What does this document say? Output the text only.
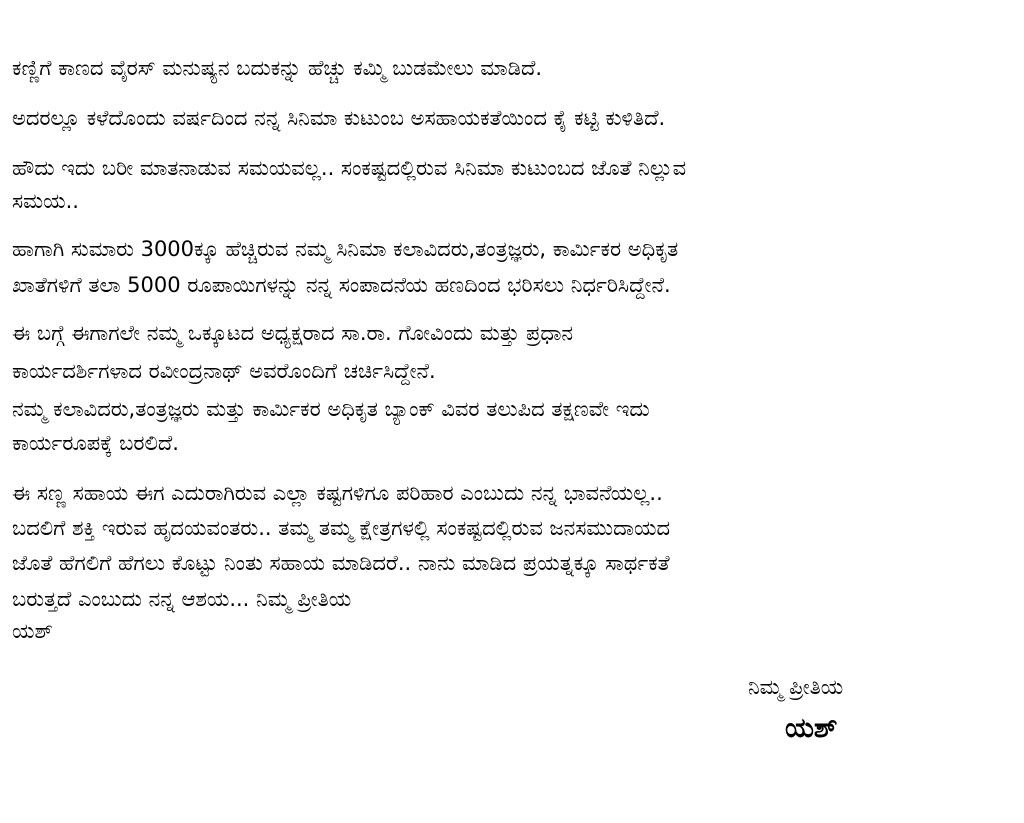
ಕಣ್ಣಿಗೆ ಕಾಣದ ವೈರಸ್ ಮನುಷ್ಯನ ಬದುಕನ್ನು ಹೆಚ್ಚು ಕಮ್ಮಿ ಬುಡಮೇಲು ಮಾಡಿದೆ.
ಅದರಲ್ಲೂ ಕಳೆದೊಂದು ವರ್ಷದಿಂದ ನನ್ನ ಸಿನಿಮಾ ಕುಟುಂಬ ಅಸಹಾಯಕತೆಯಿಂದ ಕೈ ಕಟ್ಟಿ ಕುಳಿತಿದೆ.
ಹೌದು ಇದು ಬರೀ ಮಾತನಾಡುವ ಸಮಯವಲ್ಲ.. ಸಂಕಷ್ಟದಲ್ಲಿರುವ ಸಿನಿಮಾ ಕುಟುಂಬದ ಜೊತೆ ನಿಲ್ಲುವ
ಸಮಯ..
ಹಾಗಾಗಿ ಸುಮಾರು 3000ಕ್ಕೂ ಹೆಚ್ಚಿರುವ ನಮ್ಮ ಸಿನಿಮಾ ಕಲಾವಿದರು,ತಂತ್ರಜ್ಞರು, ಕಾರ್ಮಿಕರ ಅಧಿಕೃತ
ಖಾತೆಗಳಿಗೆ ತಲಾ 5000 ರೂಪಾಯಿಗಳನ್ನು ನನ್ನ ಸಂಪಾದನೆಯ ಹಣದಿಂದ ಭರಿಸಲು ನಿರ್ಧರಿಸಿದ್ದೇನೆ.
ಈ ಬಗ್ಗೆ ಈಗಾಗಲೇ ನಮ್ಮ ಒಕ್ಕೂಟದ ಅಧ್ಯಕ್ಷರಾದ ಸಾ.ರಾ. ಗೋವಿಂದು ಮತ್ತು ಪ್ರಧಾನ
ಕಾರ್ಯದರ್ಶಿಗಳಾದ ರವೀಂದ್ರನಾಥ್ ಅವರೊಂದಿಗೆ ಚರ್ಚಿಸಿದ್ದೇನೆ.
ನಮ್ಮ ಕಲಾವಿದರು,ತಂತ್ರಜ್ಞರು ಮತ್ತು ಕಾರ್ಮಿಕರ ಅಧಿಕೃತ ಬ್ಯಾಂಕ್ ವಿವರ ತಲುಪಿದ ತಕ್ಷಣವೇ ಇದು
ಕಾರ್ಯರೂಪಕ್ಕೆ ಬರಲಿದೆ.
ಈ ಸಣ್ಣ ಸಹಾಯ ಈಗ ಎದುರಾಗಿರುವ ಎಲ್ಲಾ ಕಷ್ಟಗಳಿಗೂ ಪರಿಹಾರ ಎಂಬುದು ನನ್ನ ಭಾವನೆಯಲ್ಲ..
ಬದಲಿಗೆ ಶಕ್ತಿ ಇರುವ ಹೃದಯವಂತರು.. ತಮ್ಮ ತಮ್ಮ ಕ್ಷೇತ್ರಗಳಲ್ಲಿ ಸಂಕಷ್ಟದಲ್ಲಿರುವ ಜನಸಮುದಾಯದ
ಜೊತೆ ಹೆಗಲಿಗೆ ಹೆಗಲು ಕೊಟ್ಟು ನಿಂತು ಸಹಾಯ ಮಾಡಿದರೆ.. ನಾನು ಮಾಡಿದ ಪ್ರಯತ್ನಕ್ಕೂ ಸಾರ್ಥಕತೆ
ಬರುತ್ತದೆ ಎಂಬುದು ನನ್ನ ಆಶಯ... ನಿಮ್ಮ ಪ್ರೀತಿಯ
ಯಶ್
ನಿಮ್ಮ ಪ್ರೀತಿಯ
ಯಶ್
